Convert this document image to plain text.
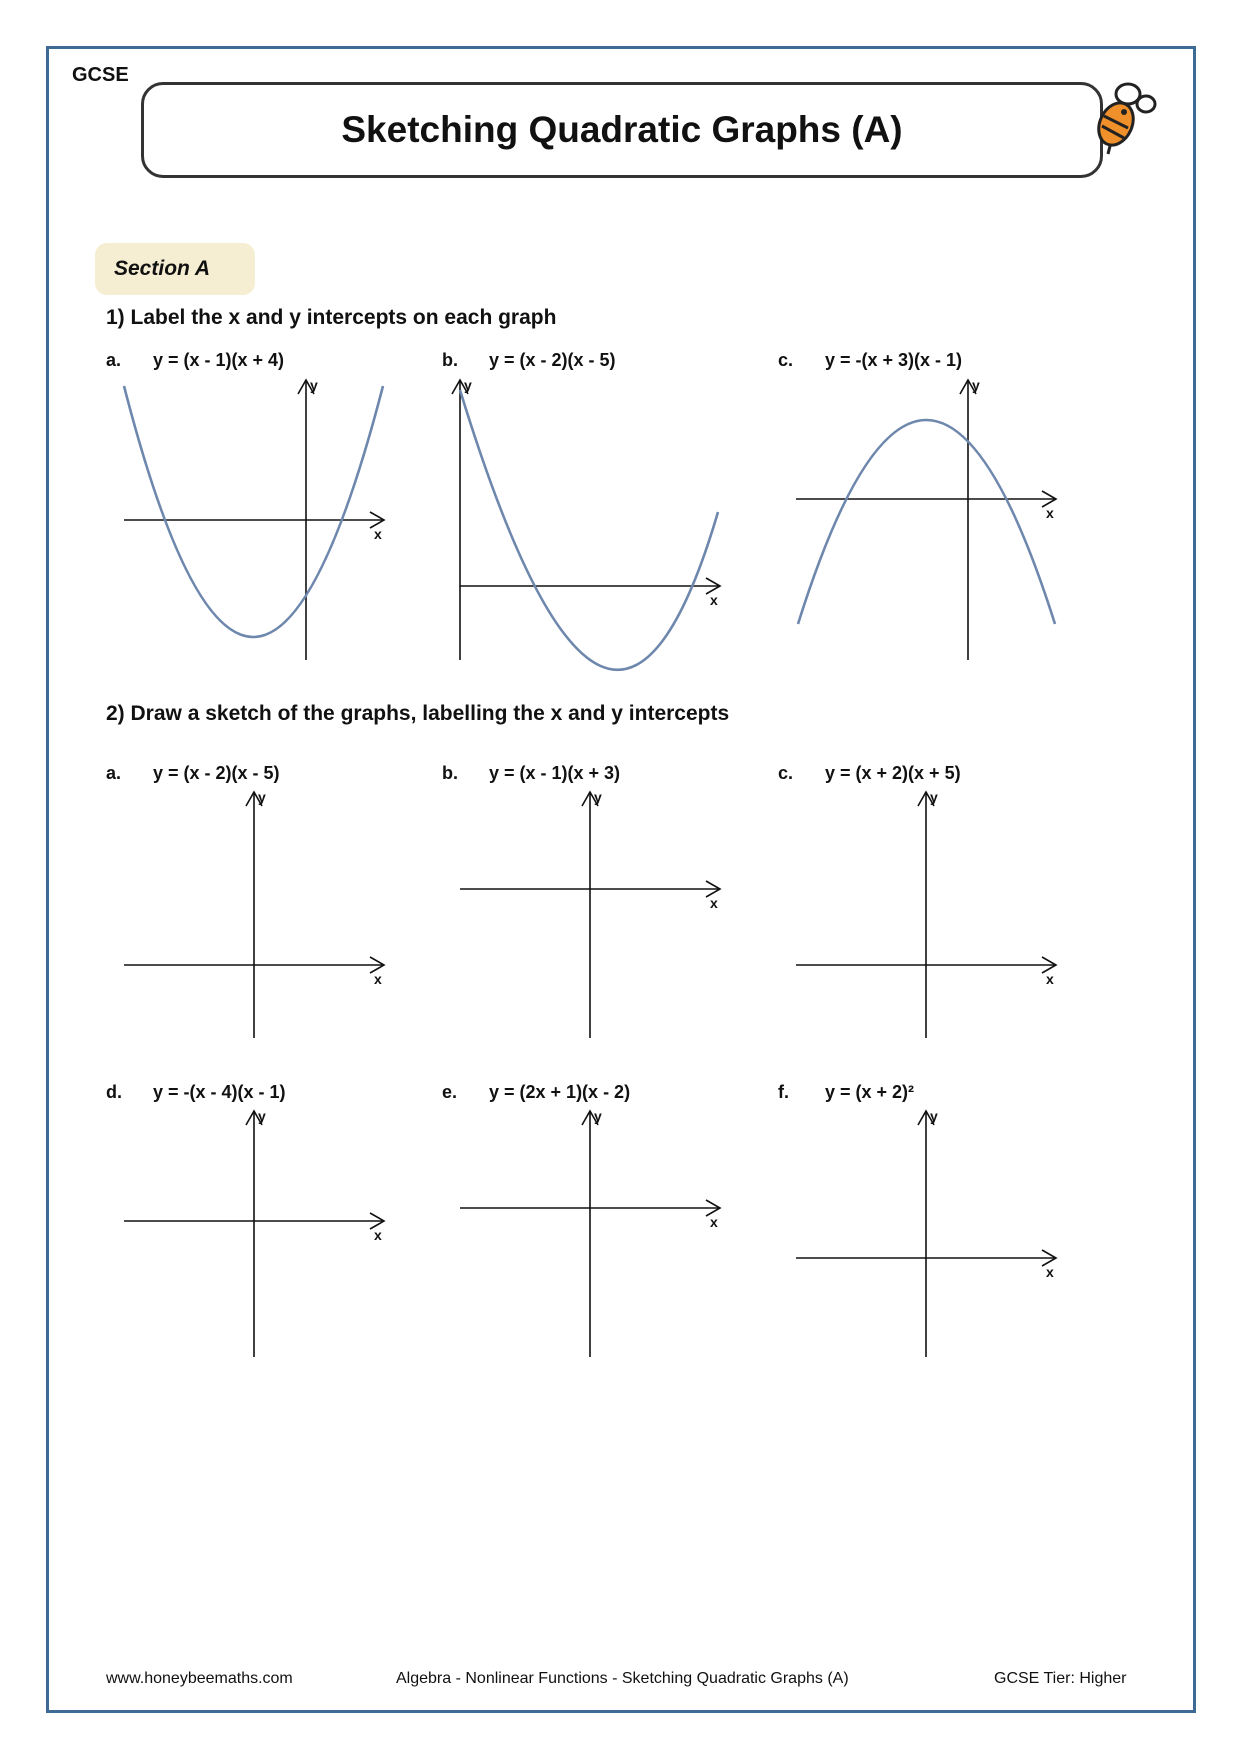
GCSE
Sketching Quadratic Graphs (A)
Section A
1) Label the x and y intercepts on each graph
a. y = (x - 1)(x + 4)	b. y = (x - 2)(x - 5)	c. y = -(x + 3)(x - 1)
x
y
x
y
x
y
2) Draw a sketch of the graphs, labelling the x and y intercepts
a. y = (x - 2)(x - 5)	b. y = (x - 1)(x + 3)	c. y = (x + 2)(x + 5)
x
y
x
y
x
y
d. y = -(x - 4)(x - 1)	e. y = (2x + 1)(x - 2)	f. y = (x + 2)²
x
y
x
y
x
y
www.honeybeemaths.com	Algebra - Nonlinear Functions - Sketching Quadratic Graphs (A)	GCSE Tier: Higher
